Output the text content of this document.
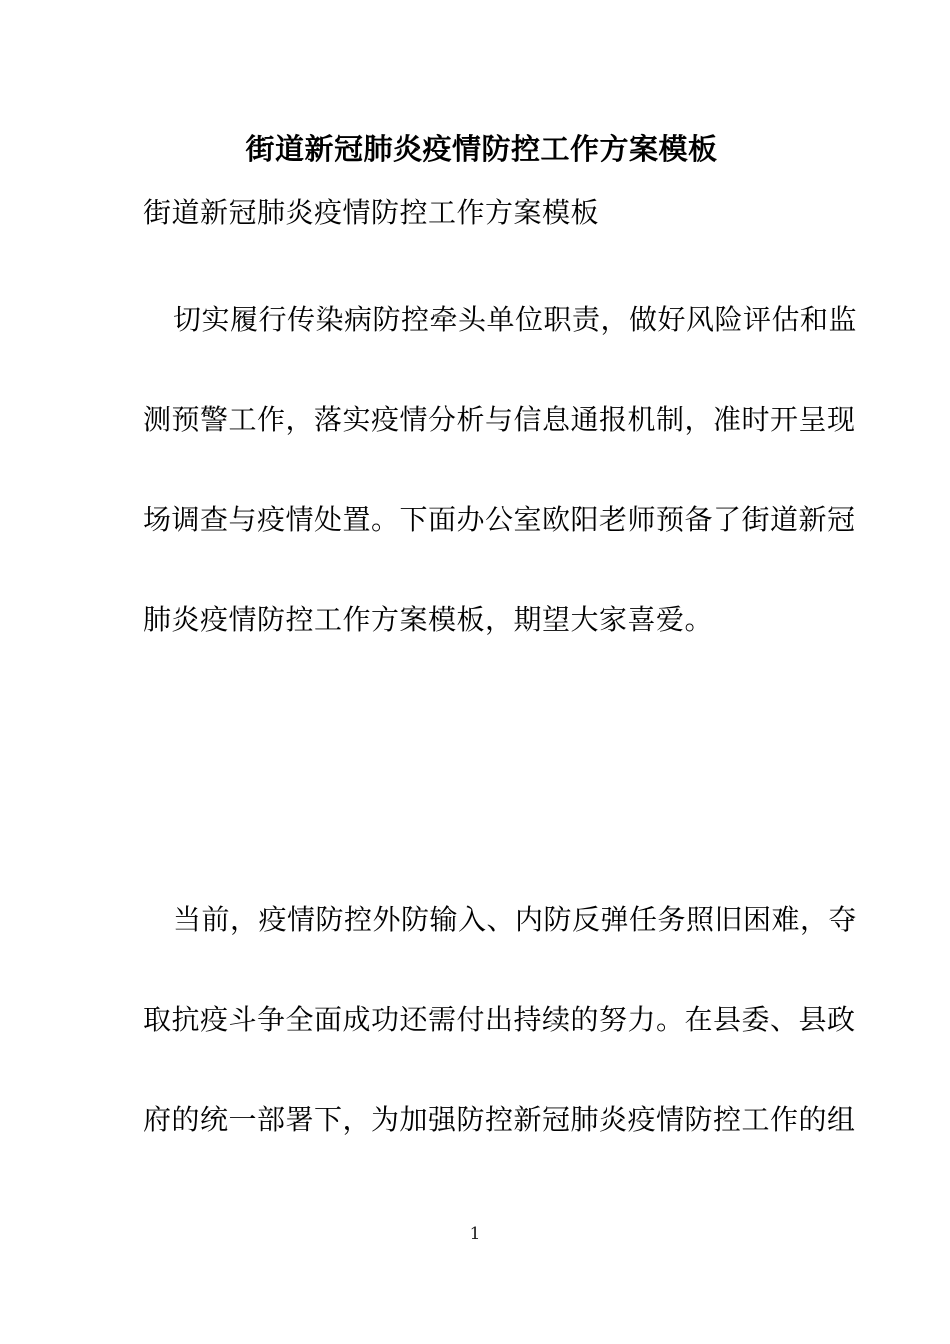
街道新冠肺炎疫情防控工作方案模板
街道新冠肺炎疫情防控工作方案模板
切实履行传染病防控牵头单位职责，做好风险评估和监
测预警工作，落实疫情分析与信息通报机制，准时开呈现
场调查与疫情处置。下面办公室欧阳老师预备了街道新冠
肺炎疫情防控工作方案模板，期望大家喜爱。
当前，疫情防控外防输入、内防反弹任务照旧困难，夺
取抗疫斗争全面成功还需付出持续的努力。在县委、县政
府的统一部署下，为加强防控新冠肺炎疫情防控工作的组
1
